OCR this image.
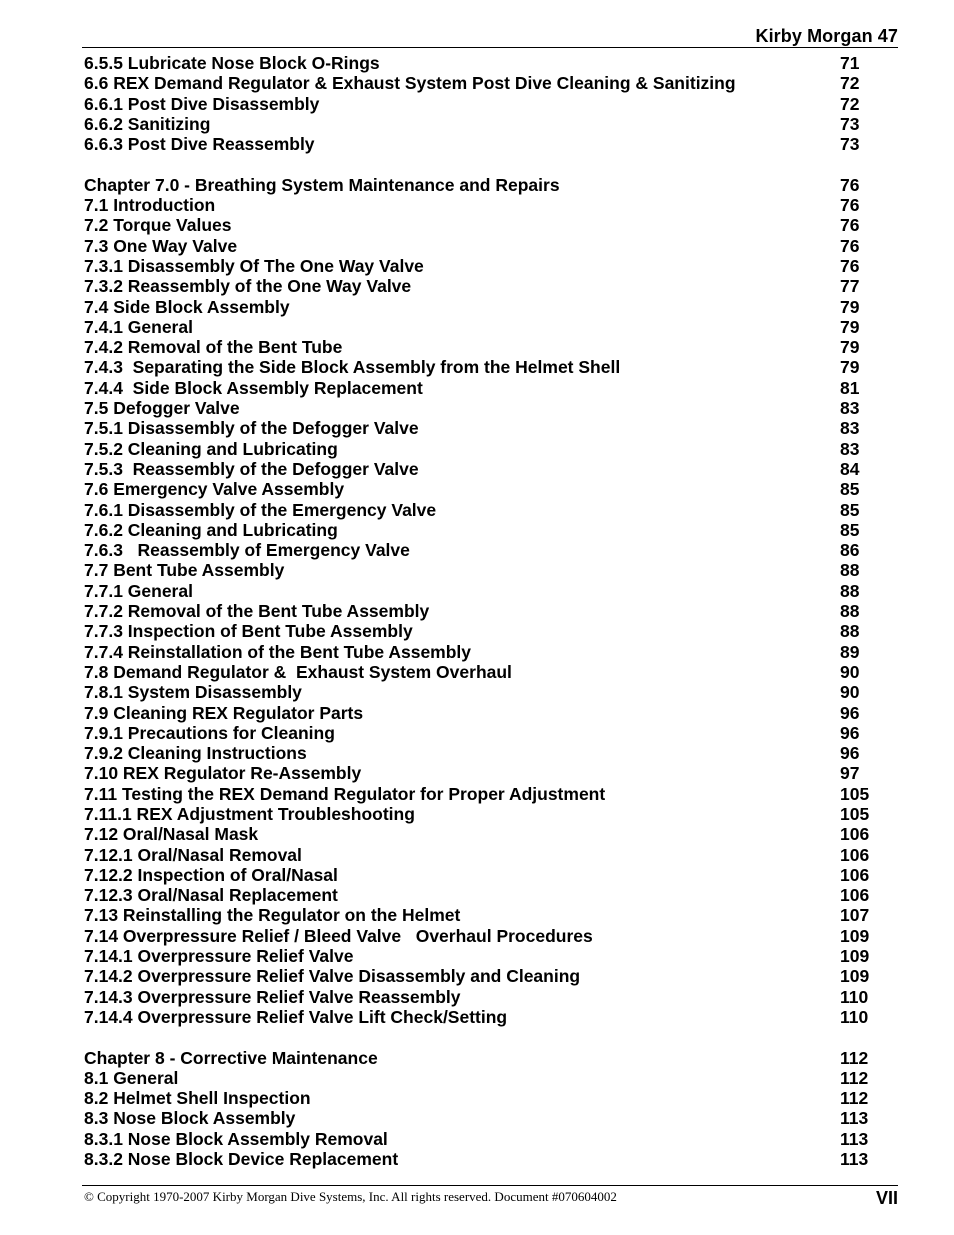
Kirby Morgan 47
6.5.5 Lubricate Nose Block O-Rings	71
6.6 REX Demand Regulator & Exhaust System Post Dive Cleaning & Sanitizing	72
6.6.1 Post Dive Disassembly	72
6.6.2 Sanitizing	73
6.6.3 Post Dive Reassembly	73
Chapter 7.0 - Breathing System Maintenance and Repairs	76
7.1 Introduction	76
7.2 Torque Values	76
7.3 One Way Valve	76
7.3.1 Disassembly Of The One Way Valve	76
7.3.2 Reassembly of the One Way Valve	77
7.4 Side Block Assembly	79
7.4.1 General	79
7.4.2 Removal of the Bent Tube	79
7.4.3  Separating the Side Block Assembly from the Helmet Shell	79
7.4.4  Side Block Assembly Replacement	81
7.5 Defogger Valve	83
7.5.1 Disassembly of the Defogger Valve	83
7.5.2 Cleaning and Lubricating	83
7.5.3  Reassembly of the Defogger Valve	84
7.6 Emergency Valve Assembly	85
7.6.1 Disassembly of the Emergency Valve	85
7.6.2 Cleaning and Lubricating	85
7.6.3   Reassembly of Emergency Valve	86
7.7 Bent Tube Assembly	88
7.7.1 General	88
7.7.2 Removal of the Bent Tube Assembly	88
7.7.3 Inspection of Bent Tube Assembly	88
7.7.4 Reinstallation of the Bent Tube Assembly	89
7.8 Demand Regulator &  Exhaust System Overhaul	90
7.8.1 System Disassembly	90
7.9 Cleaning REX Regulator Parts	96
7.9.1 Precautions for Cleaning	96
7.9.2 Cleaning Instructions	96
7.10 REX Regulator Re-Assembly	97
7.11 Testing the REX Demand Regulator for Proper Adjustment	105
7.11.1 REX Adjustment Troubleshooting	105
7.12 Oral/Nasal Mask	106
7.12.1 Oral/Nasal Removal	106
7.12.2 Inspection of Oral/Nasal	106
7.12.3 Oral/Nasal Replacement	106
7.13 Reinstalling the Regulator on the Helmet	107
7.14 Overpressure Relief / Bleed Valve   Overhaul Procedures	109
7.14.1 Overpressure Relief Valve	109
7.14.2 Overpressure Relief Valve Disassembly and Cleaning	109
7.14.3 Overpressure Relief Valve Reassembly	110
7.14.4 Overpressure Relief Valve Lift Check/Setting	110
Chapter 8 - Corrective Maintenance	112
8.1 General	112
8.2 Helmet Shell Inspection	112
8.3 Nose Block Assembly	113
8.3.1 Nose Block Assembly Removal	113
8.3.2 Nose Block Device Replacement	113
© Copyright 1970-2007 Kirby Morgan Dive Systems, Inc. All rights reserved. Document #070604002	VII
